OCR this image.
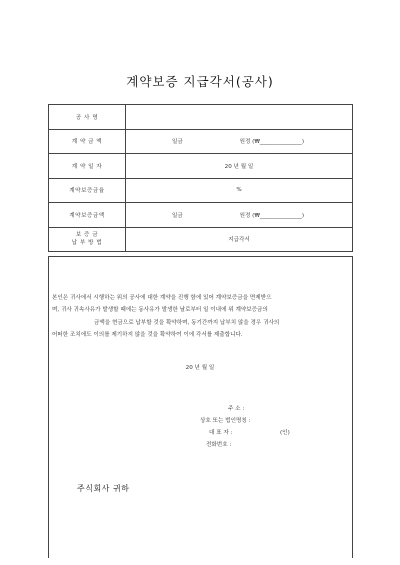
계약보증 지급각서(공사)
공 사 명	
계 약 금 액	일금 원정 (₩_______________)

계 약 일 자	20 년 월 일
계약보증금율	%
계약보증금액	일금 원정 (₩_______________)

보 증 금
납 부 방 법	지급각서
본인은 귀사에서 시행하는 위의 공사에 대한 계약을 진행 함에 있어 계약보증금을 면제받으
며, 귀사 귀속사유가 발생할 때에는 동사유가 발생한 날로부터 일 이내에 위 계약보증금의
금액을 현금으로 납부할 것을 확약하며, 동기간까지 납부치 않을 경우 귀사의
어떠한 조치에도 이의를 제기하지 않을 것을 확약하여 이에 각서를 제출합니다.
20 년 월 일
주 소 :
상호 또는 법인명칭 :
대 표 자 :	(인)
전화번호 :
주식회사 귀하
